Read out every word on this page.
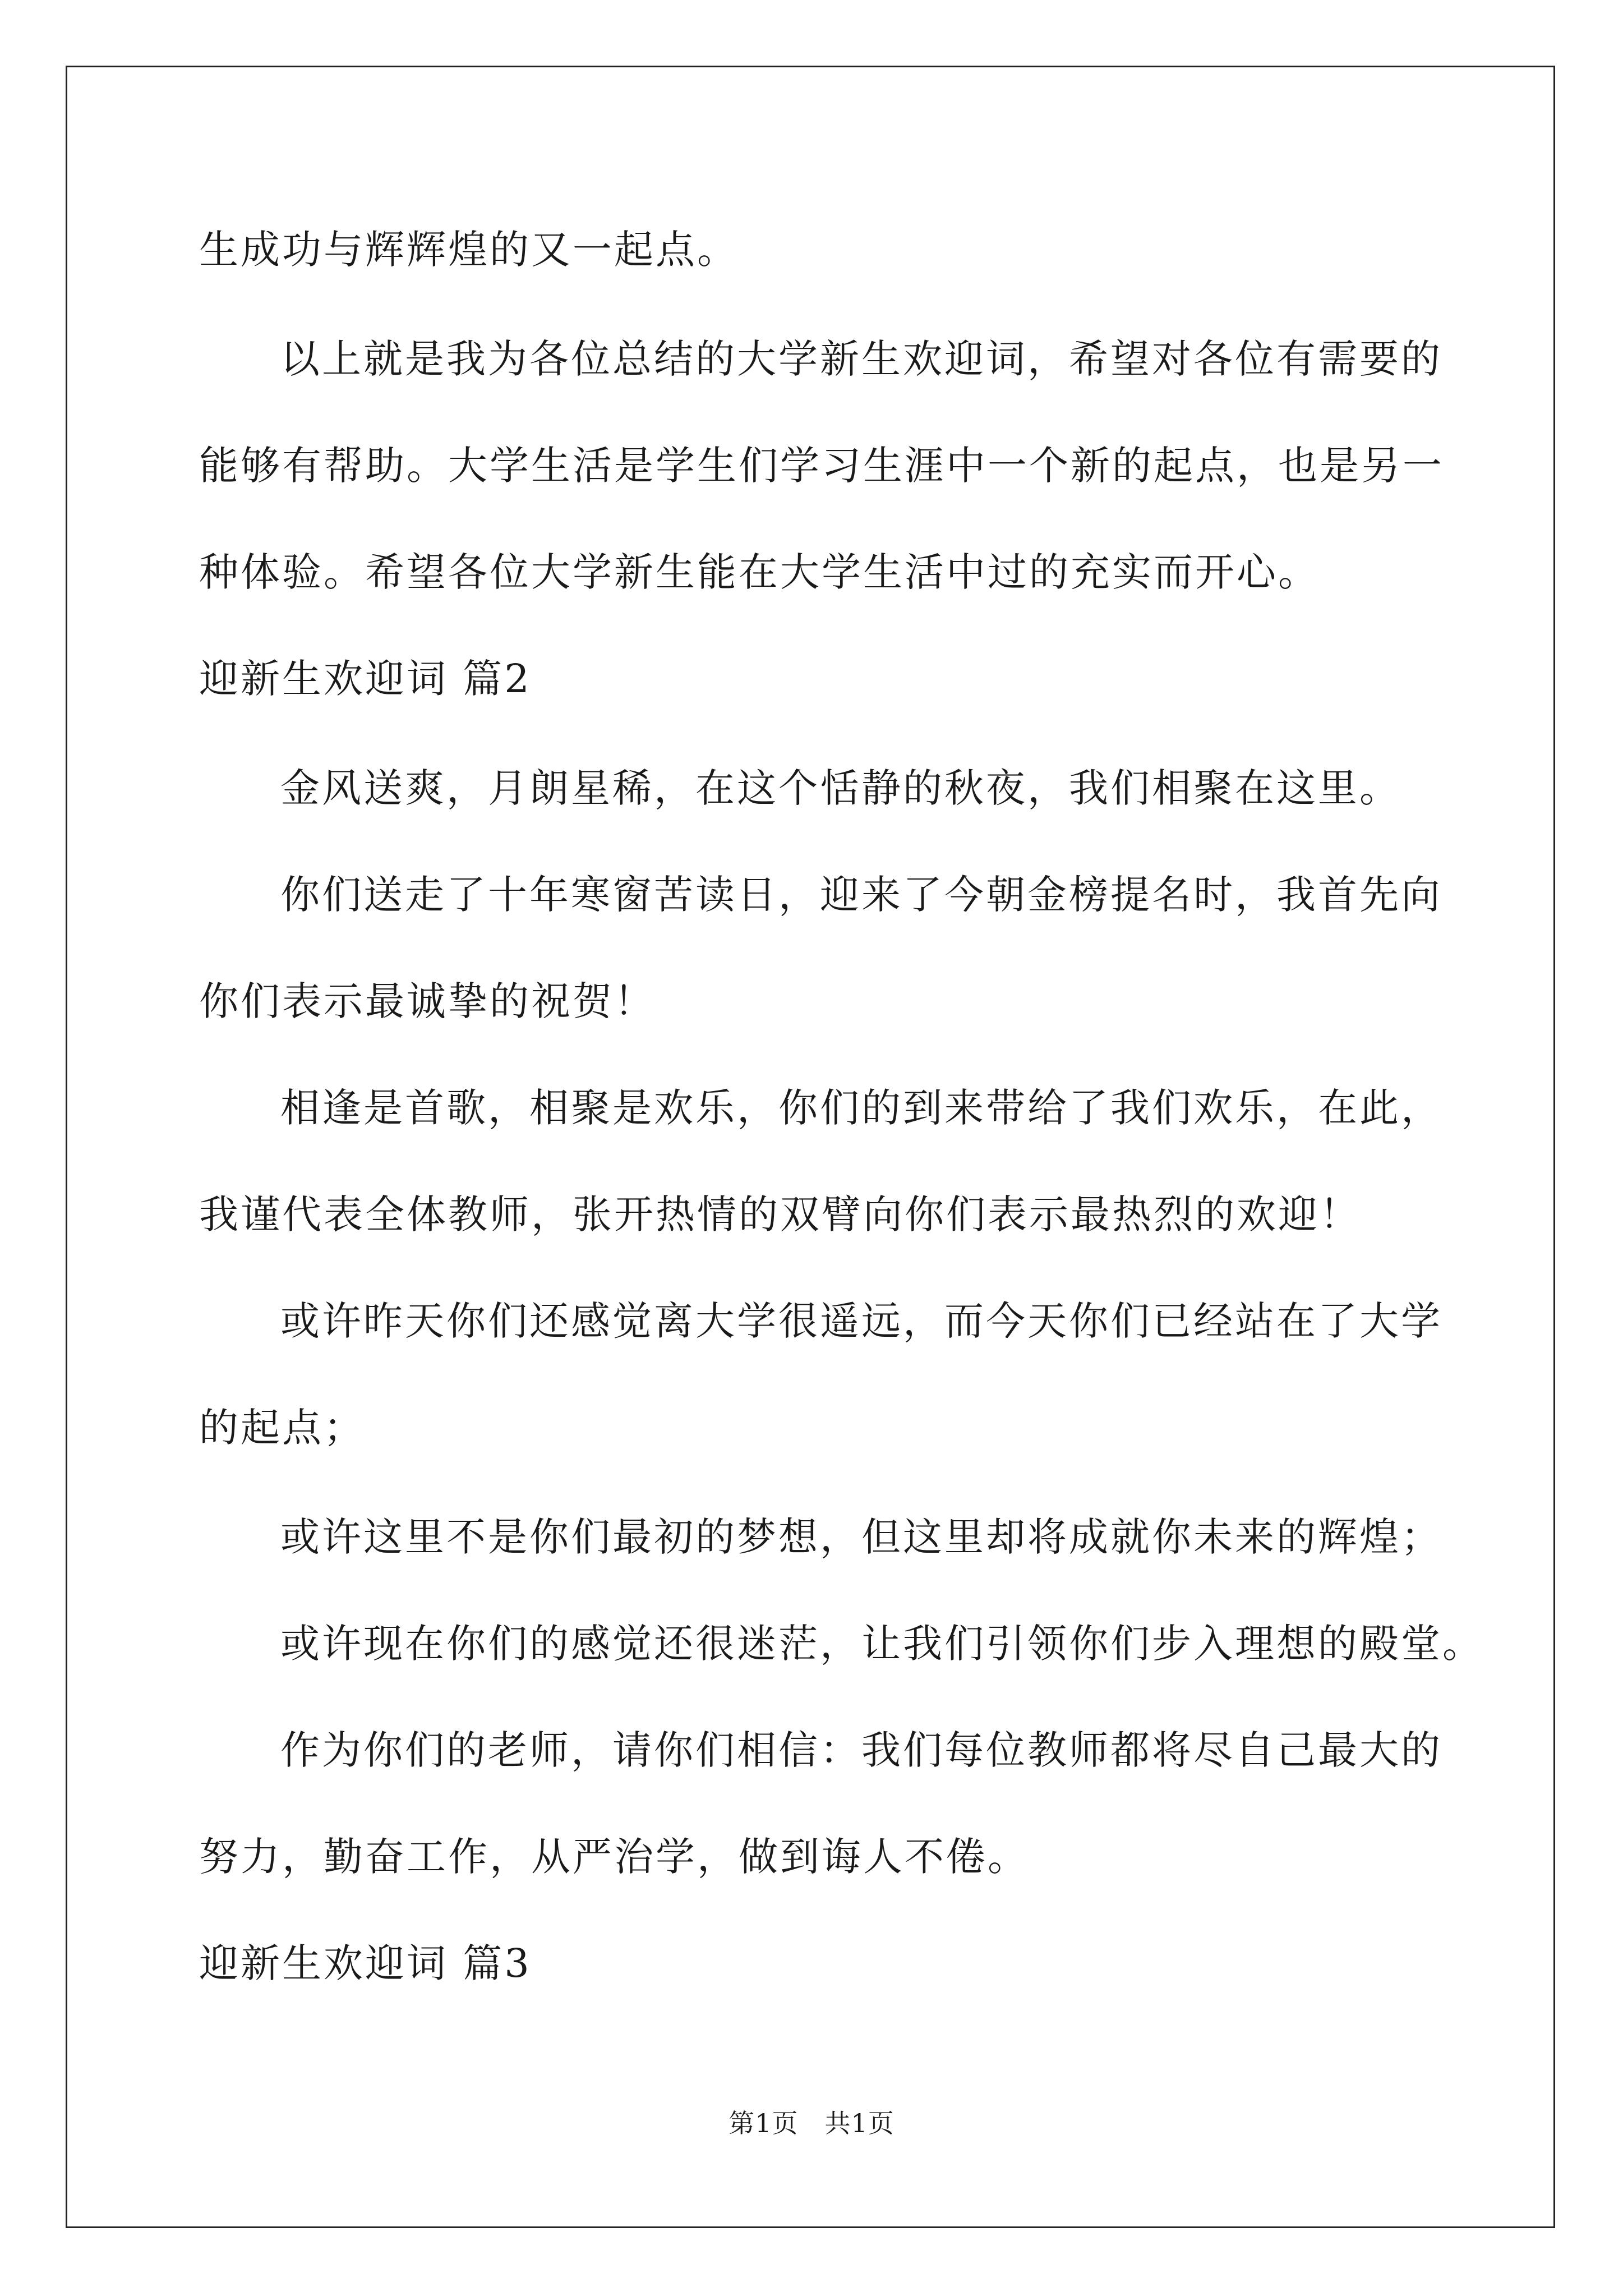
生成功与辉辉煌的又一起点。

以上就是我为各位总结的大学新生欢迎词，希望对各位有需要的

能够有帮助。大学生活是学生们学习生涯中一个新的起点，也是另一

种体验。希望各位大学新生能在大学生活中过的充实而开心。

迎新生欢迎词 篇2

金风送爽，月朗星稀，在这个恬静的秋夜，我们相聚在这里。

你们送走了十年寒窗苦读日，迎来了今朝金榜提名时，我首先向

你们表示最诚挚的祝贺！

相逢是首歌，相聚是欢乐，你们的到来带给了我们欢乐，在此，

我谨代表全体教师，张开热情的双臂向你们表示最热烈的欢迎！

或许昨天你们还感觉离大学很遥远，而今天你们已经站在了大学

的起点；

或许这里不是你们最初的梦想，但这里却将成就你未来的辉煌；

或许现在你们的感觉还很迷茫，让我们引领你们步入理想的殿堂。

作为你们的老师，请你们相信：我们每位教师都将尽自己最大的

努力，勤奋工作，从严治学，做到诲人不倦。

迎新生欢迎词 篇3

第1页　共1页
